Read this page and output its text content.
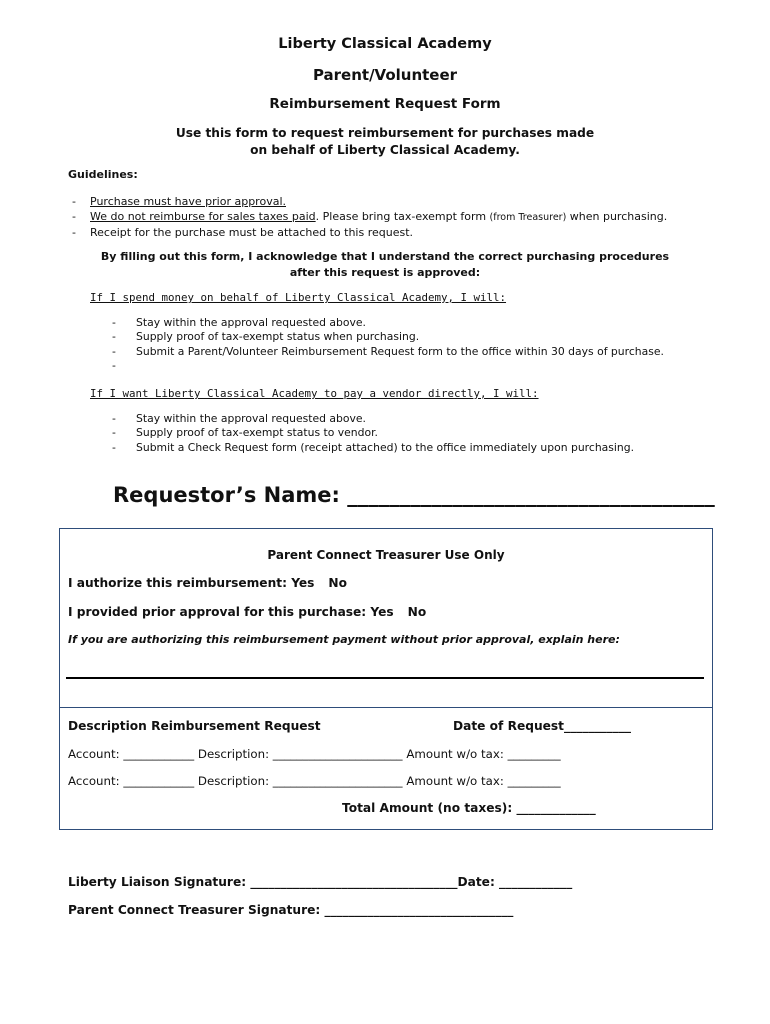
Liberty Classical Academy
Parent/Volunteer
Reimbursement Request Form
Use this form to request reimbursement for purchases made
on behalf of Liberty Classical Academy.
Guidelines:
- Purchase must have prior approval.
- We do not reimburse for sales taxes paid. Please bring tax-exempt form (from Treasurer) when purchasing.
- Receipt for the purchase must be attached to this request.
By filling out this form, I acknowledge that I understand the correct purchasing procedures
after this request is approved:
If I spend money on behalf of Liberty Classical Academy, I will:
- Stay within the approval requested above.
- Supply proof of tax-exempt status when purchasing.
- Submit a Parent/Volunteer Reimbursement Request form to the office within 30 days of purchase.
-
If I want Liberty Classical Academy to pay a vendor directly, I will:
- Stay within the approval requested above.
- Supply proof of tax-exempt status to vendor.
- Submit a Check Request form (receipt attached) to the office immediately upon purchasing.
Requestor’s Name: ___________________________________
Parent Connect Treasurer Use Only
I authorize this reimbursement: Yes No
I provided prior approval for this purchase: Yes No
If you are authorizing this reimbursement payment without prior approval, explain here:
Description Reimbursement Request	Date of Request___________
Account: ____________ Description: ______________________ Amount w/o tax: _________
Account: ____________ Description: ______________________ Amount w/o tax: _________
Total Amount (no taxes): _____________
Liberty Liaison Signature: __________________________________Date: ____________
Parent Connect Treasurer Signature: _______________________________
